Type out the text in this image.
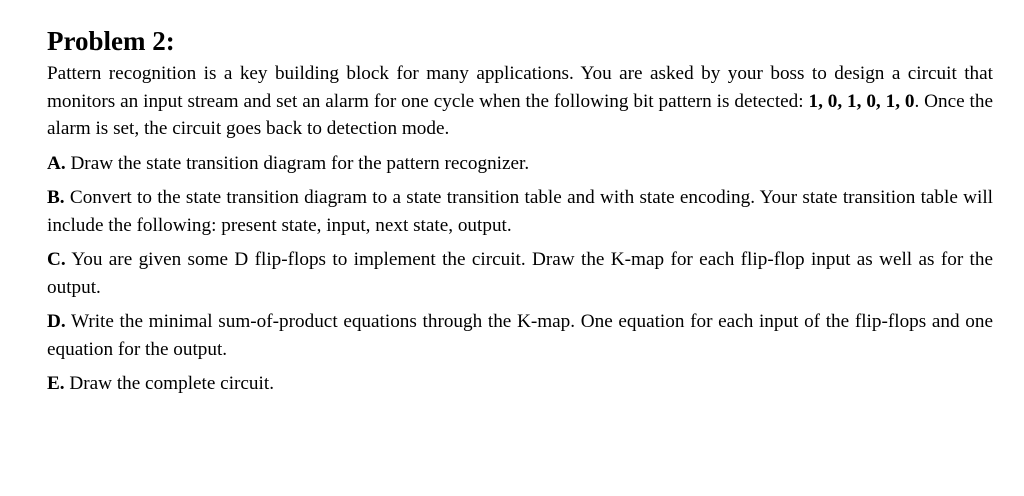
Problem 2:

Pattern recognition is a key building block for many applications. You are asked by your boss to design a circuit that monitors an input stream and set an alarm for one cycle when the following bit pattern is detected: 1, 0, 1, 0, 1, 0. Once the alarm is set, the circuit goes back to detection mode.

A. Draw the state transition diagram for the pattern recognizer.

B. Convert to the state transition diagram to a state transition table and with state encoding. Your state transition table will include the following: present state, input, next state, output.

C. You are given some D flip-flops to implement the circuit. Draw the K-map for each flip-flop input as well as for the output.

D. Write the minimal sum-of-product equations through the K-map. One equation for each input of the flip-flops and one equation for the output.

E. Draw the complete circuit.
